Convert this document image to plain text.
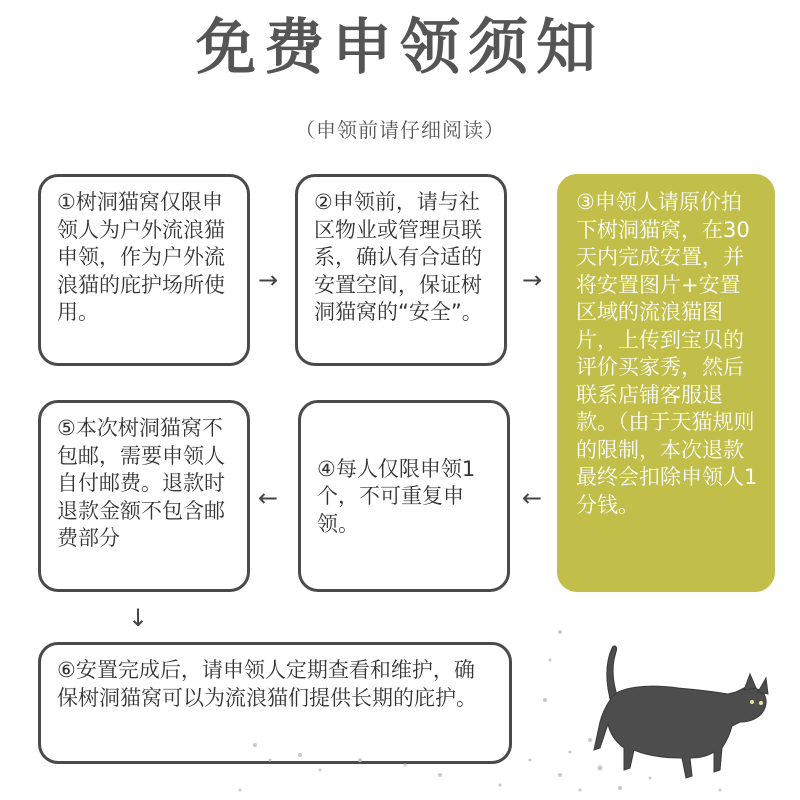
免费申领须知
（申领前请仔细阅读）
①树洞猫窝仅限申领人为户外流浪猫申领，作为户外流浪猫的庇护场所使用。
→
②申领前，请与社区物业或管理员联系，确认有合适的安置空间，保证树洞猫窝的“安全”。
→
③申领人请原价拍下树洞猫窝，在30天内完成安置，并将安置图片+安置区域的流浪猫图片，上传到宝贝的评价买家秀，然后联系店铺客服退款。（由于天猫规则的限制，本次退款最终会扣除申领人1分钱。
⑤本次树洞猫窝不包邮，需要申领人自付邮费。退款时退款金额不包含邮费部分
←
④每人仅限申领1个，不可重复申领。
←
↓
⑥安置完成后，请申领人定期查看和维护，确保树洞猫窝可以为流浪猫们提供长期的庇护。
